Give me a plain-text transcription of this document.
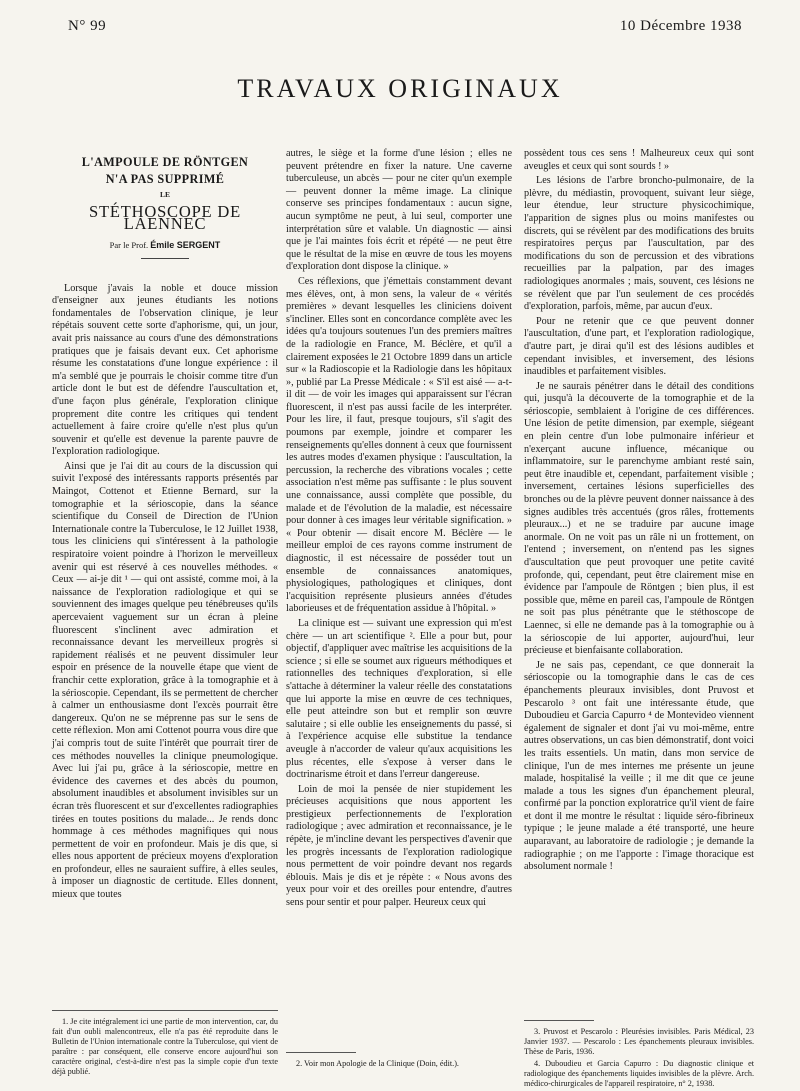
N° 99	10 Décembre 1938
TRAVAUX ORIGINAUX
L'AMPOULE DE RÖNTGEN
N'A PAS SUPPRIMÉ
LE
STÉTHOSCOPE DE LAENNEC
Par le Prof. Émile SERGENT

Lorsque j'avais la noble et douce mission d'enseigner aux jeunes étudiants les notions fondamentales de l'observation clinique, je leur répétais souvent cette sorte d'aphorisme, qui, un jour, avait pris naissance au cours d'une des démonstrations pratiques que je faisais devant eux. Cet aphorisme résume les constatations d'une longue expérience : il m'a semblé que je pourrais le choisir comme titre d'un article dont le but est de défendre l'auscultation et, d'une façon plus générale, l'exploration clinique proprement dite contre les critiques qui tendent actuellement à faire croire qu'elle n'est plus qu'un souvenir et qu'elle est devenue la parente pauvre de l'exploration radiologique.

Ainsi que je l'ai dit au cours de la discussion qui suivit l'exposé des intéressants rapports présentés par Maingot, Cottenot et Etienne Bernard, sur la tomographie et la sérioscopie, dans la séance scientifique du Conseil de Direction de l'Union Internationale contre la Tuberculose, le 12 Juillet 1938, tous les cliniciens qui s'intéressent à la pathologie respiratoire voient poindre à l'horizon le merveilleux avenir qui est réservé à ces nouvelles méthodes. « Ceux — ai-je dit ¹ — qui ont assisté, comme moi, à la naissance de l'exploration radiologique et qui se souviennent des images quelque peu ténébreuses qu'ils apercevaient vaguement sur un écran à pleine fluorescent s'inclinent avec admiration et reconnaissance devant les merveilleux progrès si rapidement réalisés et ne peuvent dissimuler leur espoir en présence de la nouvelle étape que vient de franchir cette exploration, grâce à la tomographie et à la sérioscopie. Cependant, ils se permettent de chercher à calmer un enthousiasme dont l'excès pourrait être dangereux. Qu'on ne se méprenne pas sur le sens de cette réflexion. Mon ami Cottenot pourra vous dire que j'ai compris tout de suite l'intérêt que pourrait tirer de ces méthodes nouvelles la clinique pneumologique. Avec lui j'ai pu, grâce à la sérioscopie, mettre en évidence des cavernes et des abcès du poumon, absolument inaudibles et absolument invisibles sur un écran très fluorescent et sur d'excellentes radiographies tirées en toutes positions du malade... Je rends donc hommage à ces méthodes magnifiques qui nous permettent de voir en profondeur. Mais je dis que, si elles nous apportent de précieux moyens d'exploration en profondeur, elles ne sauraient suffire, à elles seules, à imposer un diagnostic de certitude. Elles donnent, mieux que toutes

1. Je cite intégralement ici une partie de mon intervention, car, du fait d'un oubli malencontreux, elle n'a pas été reproduite dans le Bulletin de l'Union internationale contre la Tuberculose, qui vient de paraître : par conséquent, elle conserve encore aujourd'hui son caractère original, c'est-à-dire n'est pas la simple copie d'un texte déjà publié.

autres, le siège et la forme d'une lésion ; elles ne peuvent prétendre en fixer la nature. Une caverne tuberculeuse, un abcès — pour ne citer qu'un exemple — peuvent donner la même image. La clinique conserve ses principes fondamentaux : aucun signe, aucun symptôme ne peut, à lui seul, comporter une interprétation sûre et valable. Un diagnostic — ainsi que je l'ai maintes fois écrit et répété — ne peut être que le résultat de la mise en œuvre de tous les moyens d'exploration dont dispose la clinique. »

Ces réflexions, que j'émettais constamment devant mes élèves, ont, à mon sens, la valeur de « vérités premières » devant lesquelles les cliniciens doivent s'incliner. Elles sont en concordance complète avec les idées qu'a toujours soutenues l'un des premiers maîtres de la radiologie en France, M. Béclère, et qu'il a clairement exposées le 21 Octobre 1899 dans un article sur « la Radioscopie et la Radiologie dans les hôpitaux », publié par La Presse Médicale : « S'il est aisé — a-t-il dit — de voir les images qui apparaissent sur l'écran fluorescent, il n'est pas aussi facile de les interpréter. Pour les lire, il faut, presque toujours, s'il s'agit des poumons par exemple, joindre et comparer les renseignements qu'elles donnent à ceux que fournissent les autres modes d'examen physique : l'auscultation, la percussion, la recherche des vibrations vocales ; cette association n'est même pas suffisante : le plus souvent une connaissance, aussi complète que possible, du malade et de l'évolution de la maladie, est nécessaire pour donner à ces images leur véritable signification. » « Pour obtenir — disait encore M. Béclère — le meilleur emploi de ces rayons comme instrument de diagnostic, il est nécessaire de posséder tout un ensemble de connaissances anatomiques, physiologiques, pathologiques et cliniques, dont l'acquisition représente plusieurs années d'études laborieuses et de fréquentation assidue à l'hôpital. »

La clinique est — suivant une expression qui m'est chère — un art scientifique ². Elle a pour but, pour objectif, d'appliquer avec maîtrise les acquisitions de la science ; si elle se soumet aux rigueurs méthodiques et rationnelles des techniques d'exploration, si elle s'attache à déterminer la valeur réelle des constatations que lui apporte la mise en œuvre de ces techniques, elle peut atteindre son but et remplir son œuvre salutaire ; si elle oublie les enseignements du passé, si à l'expérience acquise elle substitue la tendance aveugle à n'accorder de valeur qu'aux acquisitions les plus récentes, elle s'expose à verser dans le doctrinarisme étroit et dans l'erreur dangereuse.

Loin de moi la pensée de nier stupidement les précieuses acquisitions que nous apportent les prestigieux perfectionnements de l'exploration radiologique ; avec admiration et reconnaissance, je le répète, je m'incline devant les perspectives d'avenir que les progrès incessants de l'exploration radiologique nous permettent de voir poindre devant nos regards éblouis. Mais je dis et je répète : « Nous avons des yeux pour voir et des oreilles pour entendre, d'autres sens pour sentir et pour palper. Heureux ceux qui

2. Voir mon Apologie de la Clinique (Doin, édit.).

possèdent tous ces sens ! Malheureux ceux qui sont aveugles et ceux qui sont sourds ! »

Les lésions de l'arbre broncho-pulmonaire, de la plèvre, du médiastin, provoquent, suivant leur siège, leur étendue, leur structure physicochimique, l'apparition de signes plus ou moins manifestes ou discrets, qui se révèlent par des modifications des bruits respiratoires perçus par l'auscultation, par des modifications du son de percussion et des vibrations recueillies par la palpation, par des images radiologiques anormales ; mais, souvent, ces lésions ne se révèlent que par l'un seulement de ces procédés d'exploration, parfois, même, par aucun d'eux.

Pour ne retenir que ce que peuvent donner l'auscultation, d'une part, et l'exploration radiologique, d'autre part, je dirai qu'il est des lésions audibles et cependant invisibles, et inversement, des lésions inaudibles et parfaitement visibles.

Je ne saurais pénétrer dans le détail des conditions qui, jusqu'à la découverte de la tomographie et de la sérioscopie, semblaient à l'origine de ces différences. Une lésion de petite dimension, par exemple, siégeant en plein centre d'un lobe pulmonaire inférieur et n'exerçant aucune influence, mécanique ou inflammatoire, sur le parenchyme ambiant resté sain, peut être inaudible et, cependant, parfaitement visible ; inversement, certaines lésions superficielles des bronches ou de la plèvre peuvent donner naissance à des signes audibles très accentués (gros râles, frottements pleuraux...) et ne se traduire par aucune image anormale. On ne voit pas un râle ni un frottement, on l'entend ; inversement, on n'entend pas les signes d'auscultation que peut provoquer une petite cavité profonde, qui, cependant, peut être clairement mise en évidence par l'ampoule de Röntgen ; bien plus, il est possible que, même en pareil cas, l'ampoule de Röntgen ne soit pas plus pénétrante que le stéthoscope de Laennec, si elle ne demande pas à la tomographie ou à la sérioscopie de lui apporter, aujourd'hui, leur précieuse et bienfaisante collaboration.

Je ne sais pas, cependant, ce que donnerait la sérioscopie ou la tomographie dans le cas de ces épanchements pleuraux invisibles, dont Pruvost et Pescarolo ³ ont fait une intéressante étude, que Duboudieu et Garcia Capurro ⁴ de Montevideo viennent également de signaler et dont j'ai vu moi-même, entre autres observations, un cas bien démonstratif, dont voici les traits essentiels. Un matin, dans mon service de clinique, l'un de mes internes me présente un jeune malade, hospitalisé la veille ; il me dit que ce jeune malade a tous les signes d'un épanchement pleural, confirmé par la ponction exploratrice qu'il vient de faire et dont il me montre le résultat : liquide séro-fibrineux typique ; le jeune malade a été transporté, une heure auparavant, au laboratoire de radiologie ; je demande la radiographie ; on me l'apporte : l'image thoracique est absolument normale !

3. Pruvost et Pescarolo : Pleurésies invisibles. Paris Médical, 23 Janvier 1937. — Pescarolo : Les épanchements pleuraux invisibles. Thèse de Paris, 1936.

4. Duboudieu et Garcia Capurro : Du diagnostic clinique et radiologique des épanchements liquides invisibles de la plèvre. Arch. médico-chirurgicales de l'appareil respiratoire, n° 2, 1938.
